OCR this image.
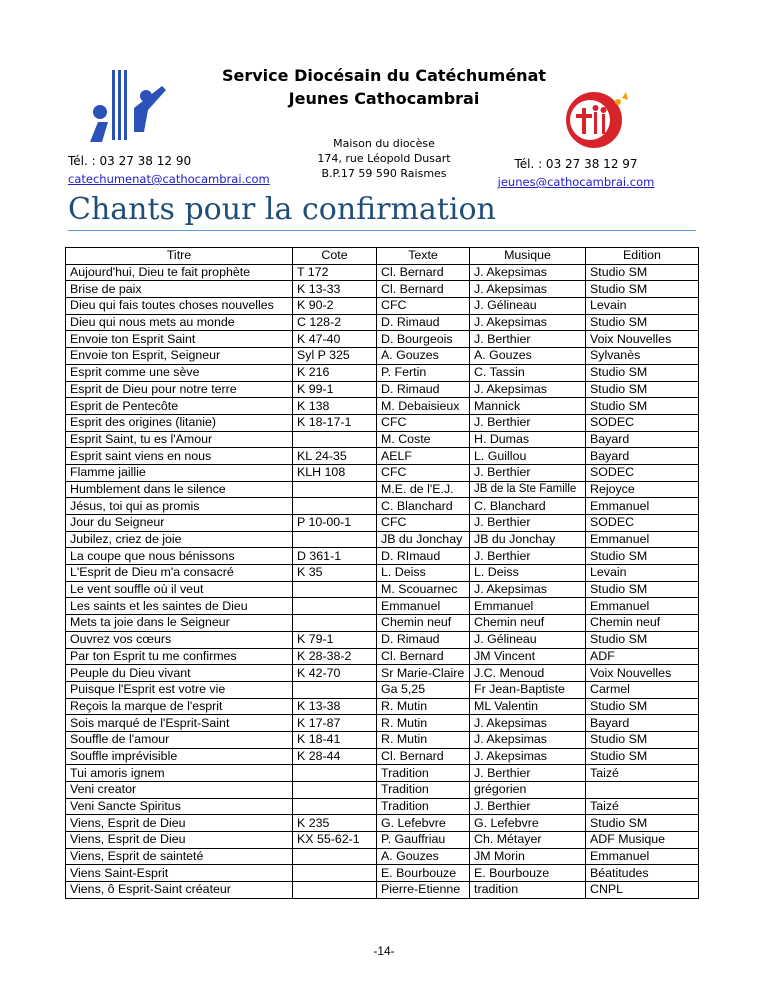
Service Diocésain du Catéchuménat
Jeunes Cathocambrai
Tél. : 03 27 38 12 90
catechumenat@cathocambrai.com
Maison du diocèse
174, rue Léopold Dusart
B.P.17 59 590 Raismes
Tél. : 03 27 38 12 97
jeunes@cathocambrai.com
Chants pour la confirmation
Titre	Cote	Texte	Musique	Edition
Aujourd'hui, Dieu te fait prophète	T 172	Cl. Bernard	J. Akepsimas	Studio SM
Brise de paix	K 13-33	Cl. Bernard	J. Akepsimas	Studio SM
Dieu qui fais toutes choses nouvelles	K 90-2	CFC	J. Gélineau	Levain
Dieu qui nous mets au monde	C 128-2	D. Rimaud	J. Akepsimas	Studio SM
Envoie ton Esprit Saint	K 47-40	D. Bourgeois	J. Berthier	Voix Nouvelles
Envoie ton Esprit, Seigneur	Syl P 325	A. Gouzes	A. Gouzes	Sylvanès
Esprit comme une sève	K 216	P. Fertin	C. Tassin	Studio SM
Esprit de Dieu pour notre terre	K 99-1	D. Rimaud	J. Akepsimas	Studio SM
Esprit de Pentecôte	K 138	M. Debaisieux	Mannick	Studio SM
Esprit des origines (litanie)	K 18-17-1	CFC	J. Berthier	SODEC
Esprit Saint, tu es l'Amour		M. Coste	H. Dumas	Bayard
Esprit saint viens en nous	KL 24-35	AELF	L. Guillou	Bayard
Flamme jaillie	KLH 108	CFC	J. Berthier	SODEC
Humblement dans le silence		M.E. de l'E.J.	JB de la Ste Famille	Rejoyce
Jésus, toi qui as promis		C. Blanchard	C. Blanchard	Emmanuel
Jour du Seigneur	P 10-00-1	CFC	J. Berthier	SODEC
Jubilez, criez de joie		JB du Jonchay	JB du Jonchay	Emmanuel
La coupe que nous bénissons	D 361-1	D. RImaud	J. Berthier	Studio SM
L'Esprit de Dieu m'a consacré	K 35	L. Deiss	L. Deiss	Levain
Le vent souffle où il veut		M. Scouarnec	J. Akepsimas	Studio SM
Les saints et les saintes de Dieu		Emmanuel	Emmanuel	Emmanuel
Mets ta joie dans le Seigneur		Chemin neuf	Chemin neuf	Chemin neuf
Ouvrez vos cœurs	K 79-1	D. Rimaud	J. Gélineau	Studio SM
Par ton Esprit tu me confirmes	K 28-38-2	Cl. Bernard	JM Vincent	ADF
Peuple du Dieu vivant	K 42-70	Sr Marie-Claire	J.C. Menoud	Voix Nouvelles
Puisque l'Esprit est votre vie		Ga 5,25	Fr Jean-Baptiste	Carmel
Reçois la marque de l'esprit	K 13-38	R. Mutin	ML Valentin	Studio SM
Sois marqué de l'Esprit-Saint	K 17-87	R. Mutin	J. Akepsimas	Bayard
Souffle de l'amour	K 18-41	R. Mutin	J. Akepsimas	Studio SM
Souffle imprévisible	K 28-44	Cl. Bernard	J. Akepsimas	Studio SM
Tui amoris ignem		Tradition	J. Berthier	Taizé
Veni creator		Tradition	grégorien	
Veni Sancte Spiritus		Tradition	J. Berthier	Taizé
Viens, Esprit de Dieu	K 235	G. Lefebvre	G. Lefebvre	Studio SM
Viens, Esprit de Dieu	KX 55-62-1	P. Gauffriau	Ch. Métayer	ADF Musique
Viens, Esprit de sainteté		A. Gouzes	JM Morin	Emmanuel
Viens Saint-Esprit		E. Bourbouze	E. Bourbouze	Béatitudes
Viens, ô Esprit-Saint créateur		Pierre-Etienne	tradition	CNPL
-14-
